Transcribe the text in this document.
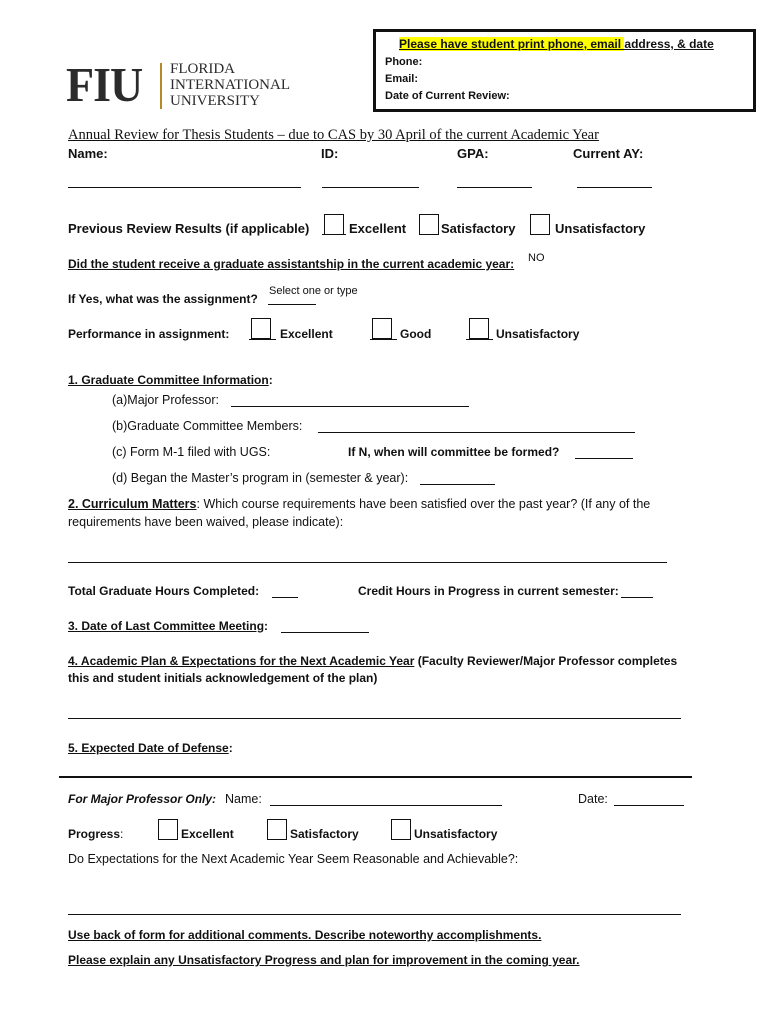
FIU FLORIDA
INTERNATIONAL
UNIVERSITY
Please have student print phone, email address, & date
Phone:
Email:
Date of Current Review:
Annual Review for Thesis Students – due to CAS by 30 April of the current Academic Year
Name:	ID:	GPA:	Current AY:
Previous Review Results (if applicable)	Excellent	Satisfactory	Unsatisfactory
Did the student receive a graduate assistantship in the current academic year: NO
If Yes, what was the assignment?
Select one or type
Performance in assignment:	Excellent	Good	Unsatisfactory
1. Graduate Committee Information:
(a)Major Professor:
(b)Graduate Committee Members:
(c) Form M-1 filed with UGS:	If N, when will committee be formed?
(d) Began the Master’s program in (semester & year):
2. Curriculum Matters: Which course requirements have been satisfied over the past year? (If any of the
requirements have been waived, please indicate):
Total Graduate Hours Completed:	Credit Hours in Progress in current semester:
3. Date of Last Committee Meeting:
4. Academic Plan & Expectations for the Next Academic Year (Faculty Reviewer/Major Professor completes
this and student initials acknowledgement of the plan)
5. Expected Date of Defense:
For Major Professor Only: Name:	Date:
Progress:	Excellent	Satisfactory	Unsatisfactory
Do Expectations for the Next Academic Year Seem Reasonable and Achievable?:
Use back of form for additional comments. Describe noteworthy accomplishments.
Please explain any Unsatisfactory Progress and plan for improvement in the coming year.
